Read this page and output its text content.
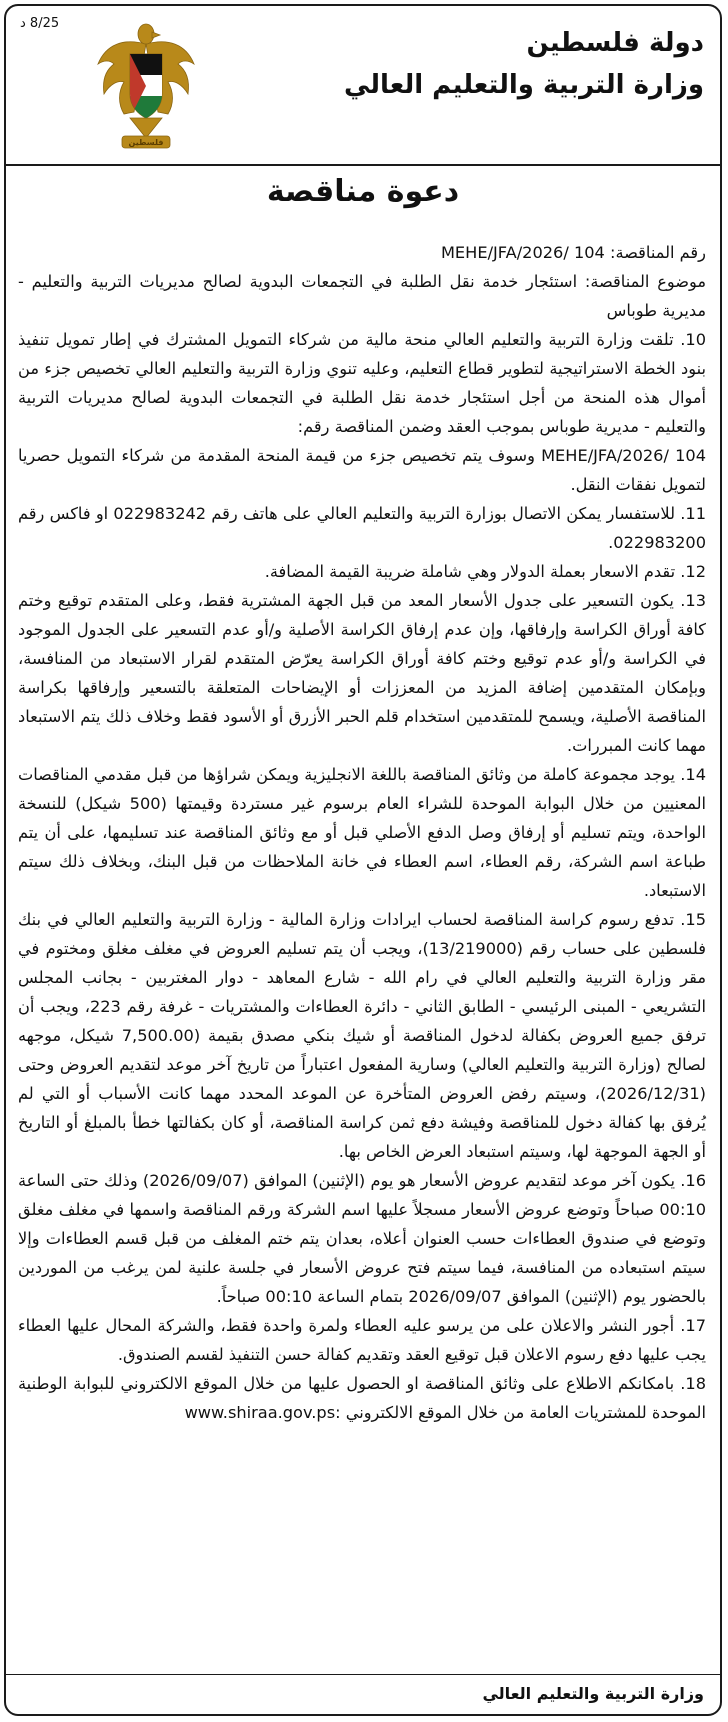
8/25 د
فلسطين
دولة فلسطين
وزارة التربية والتعليم العالي
دعوة مناقصة

رقم المناقصة: 104 /MEHE/JFA/2026

موضوع المناقصة: استئجار خدمة نقل الطلبة في التجمعات البدوية لصالح مديريات التربية والتعليم - مديرية طوباس

10. تلقت وزارة التربية والتعليم العالي منحة مالية من شركاء التمويل المشترك في إطار تمويل تنفيذ بنود الخطة الاستراتيجية لتطوير قطاع التعليم، وعليه تنوي وزارة التربية والتعليم العالي تخصيص جزء من أموال هذه المنحة من أجل استئجار خدمة نقل الطلبة في التجمعات البدوية لصالح مديريات التربية والتعليم - مديرية طوباس بموجب العقد وضمن المناقصة رقم:

104 /MEHE/JFA/2026 وسوف يتم تخصيص جزء من قيمة المنحة المقدمة من شركاء التمويل حصريا لتمويل نفقات النقل.

11. للاستفسار يمكن الاتصال بوزارة التربية والتعليم العالي على هاتف رقم 022983242 او فاكس رقم 022983200.

12. تقدم الاسعار بعملة الدولار وهي شاملة ضريبة القيمة المضافة.

13. يكون التسعير على جدول الأسعار المعد من قبل الجهة المشترية فقط، وعلى المتقدم توقيع وختم كافة أوراق الكراسة وإرفاقها، وإن عدم إرفاق الكراسة الأصلية و/أو عدم التسعير على الجدول الموجود في الكراسة و/أو عدم توقيع وختم كافة أوراق الكراسة يعرّض المتقدم لقرار الاستبعاد من المنافسة، وبإمكان المتقدمين إضافة المزيد من المعززات أو الإيضاحات المتعلقة بالتسعير وإرفاقها بكراسة المناقصة الأصلية، ويسمح للمتقدمين استخدام قلم الحبر الأزرق أو الأسود فقط وخلاف ذلك يتم الاستبعاد مهما كانت المبررات.

14. يوجد مجموعة كاملة من وثائق المناقصة باللغة الانجليزية ويمكن شراؤها من قبل مقدمي المناقصات المعنيين من خلال البوابة الموحدة للشراء العام برسوم غير مستردة وقيمتها (500 شيكل) للنسخة الواحدة، ويتم تسليم أو إرفاق وصل الدفع الأصلي قبل أو مع وثائق المناقصة عند تسليمها، على أن يتم طباعة اسم الشركة، رقم العطاء، اسم العطاء في خانة الملاحظات من قبل البنك، وبخلاف ذلك سيتم الاستبعاد.

15. تدفع رسوم كراسة المناقصة لحساب ايرادات وزارة المالية - وزارة التربية والتعليم العالي في بنك فلسطين على حساب رقم (13/219000)، ويجب أن يتم تسليم العروض في مغلف مغلق ومختوم في مقر وزارة التربية والتعليم العالي في رام الله - شارع المعاهد - دوار المغتربين - بجانب المجلس التشريعي - المبنى الرئيسي - الطابق الثاني - دائرة العطاءات والمشتريات - غرفة رقم 223، ويجب أن ترفق جميع العروض بكفالة لدخول المناقصة أو شيك بنكي مصدق بقيمة (7,500.00 شيكل، موجهه لصالح (وزارة التربية والتعليم العالي) وسارية المفعول اعتباراً من تاريخ آخر موعد لتقديم العروض وحتى (2026/12/31)، وسيتم رفض العروض المتأخرة عن الموعد المحدد مهما كانت الأسباب أو التي لم يُرفق بها كفالة دخول للمناقصة وفيشة دفع ثمن كراسة المناقصة، أو كان بكفالتها خطأ بالمبلغ أو التاريخ أو الجهة الموجهة لها، وسيتم استبعاد العرض الخاص بها.

16. يكون آخر موعد لتقديم عروض الأسعار هو يوم (الإثنين) الموافق (2026/09/07) وذلك حتى الساعة 00:10 صباحاً وتوضع عروض الأسعار مسجلاً عليها اسم الشركة ورقم المناقصة واسمها في مغلف مغلق وتوضع في صندوق العطاءات حسب العنوان أعلاه، بعدان يتم ختم المغلف من قبل قسم العطاءات وإلا سيتم استبعاده من المنافسة، فيما سيتم فتح عروض الأسعار في جلسة علنية لمن يرغب من الموردين بالحضور يوم (الإثنين) الموافق 2026/09/07 بتمام الساعة 00:10 صباحاً.

17. أجور النشر والاعلان على من يرسو عليه العطاء ولمرة واحدة فقط، والشركة المحال عليها العطاء يجب عليها دفع رسوم الاعلان قبل توقيع العقد وتقديم كفالة حسن التنفيذ لقسم الصندوق.

18. بامكانكم الاطلاع على وثائق المناقصة او الحصول عليها من خلال الموقع الالكتروني للبوابة الوطنية الموحدة للمشتريات العامة من خلال الموقع الالكتروني :www.shiraa.gov.ps

وزارة التربية والتعليم العالي
